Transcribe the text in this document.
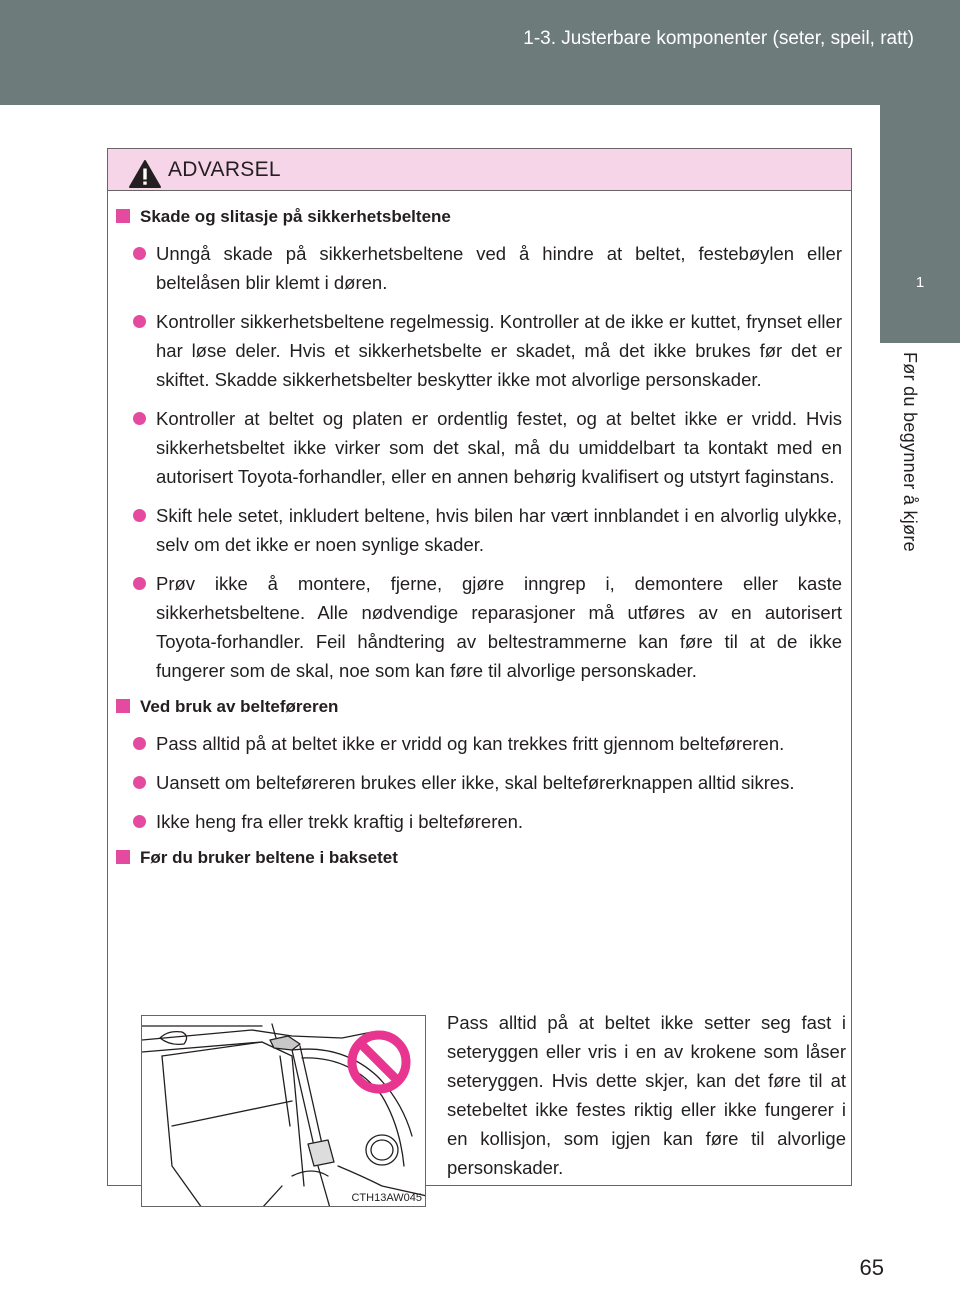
1-3. Justerbare komponenter (seter, speil, ratt)
1
Før du begynner å kjøre
ADVARSEL
Skade og slitasje på sikkerhetsbeltene
Unngå skade på sikkerhetsbeltene ved å hindre at beltet, festebøylen eller beltelåsen blir klemt i døren.
Kontroller sikkerhetsbeltene regelmessig. Kontroller at de ikke er kuttet, frynset eller har løse deler. Hvis et sikkerhetsbelte er skadet, må det ikke brukes før det er skiftet. Skadde sikkerhetsbelter beskytter ikke mot alvorlige personskader.
Kontroller at beltet og platen er ordentlig festet, og at beltet ikke er vridd. Hvis sikkerhetsbeltet ikke virker som det skal, må du umiddelbart ta kontakt med en autorisert Toyota-forhandler, eller en annen behørig kvalifisert og utstyrt faginstans.
Skift hele setet, inkludert beltene, hvis bilen har vært innblandet i en alvorlig ulykke, selv om det ikke er noen synlige skader.
Prøv ikke å montere, fjerne, gjøre inngrep i, demontere eller kaste sikkerhetsbeltene. Alle nødvendige reparasjoner må utføres av en autorisert Toyota-forhandler. Feil håndtering av beltestrammerne kan føre til at de ikke fungerer som de skal, noe som kan føre til alvorlige personskader.
Ved bruk av belteføreren
Pass alltid på at beltet ikke er vridd og kan trekkes fritt gjennom belteføreren.
Uansett om belteføreren brukes eller ikke, skal belteførerknappen alltid sikres.
Ikke heng fra eller trekk kraftig i belteføreren.
Før du bruker beltene i baksetet
CTH13AW045
Pass alltid på at beltet ikke setter seg fast i seteryggen eller vris i en av krokene som låser seteryggen. Hvis dette skjer, kan det føre til at setebeltet ikke festes riktig eller ikke fungerer i en kollisjon, som igjen kan føre til alvorlige personskader.
65
